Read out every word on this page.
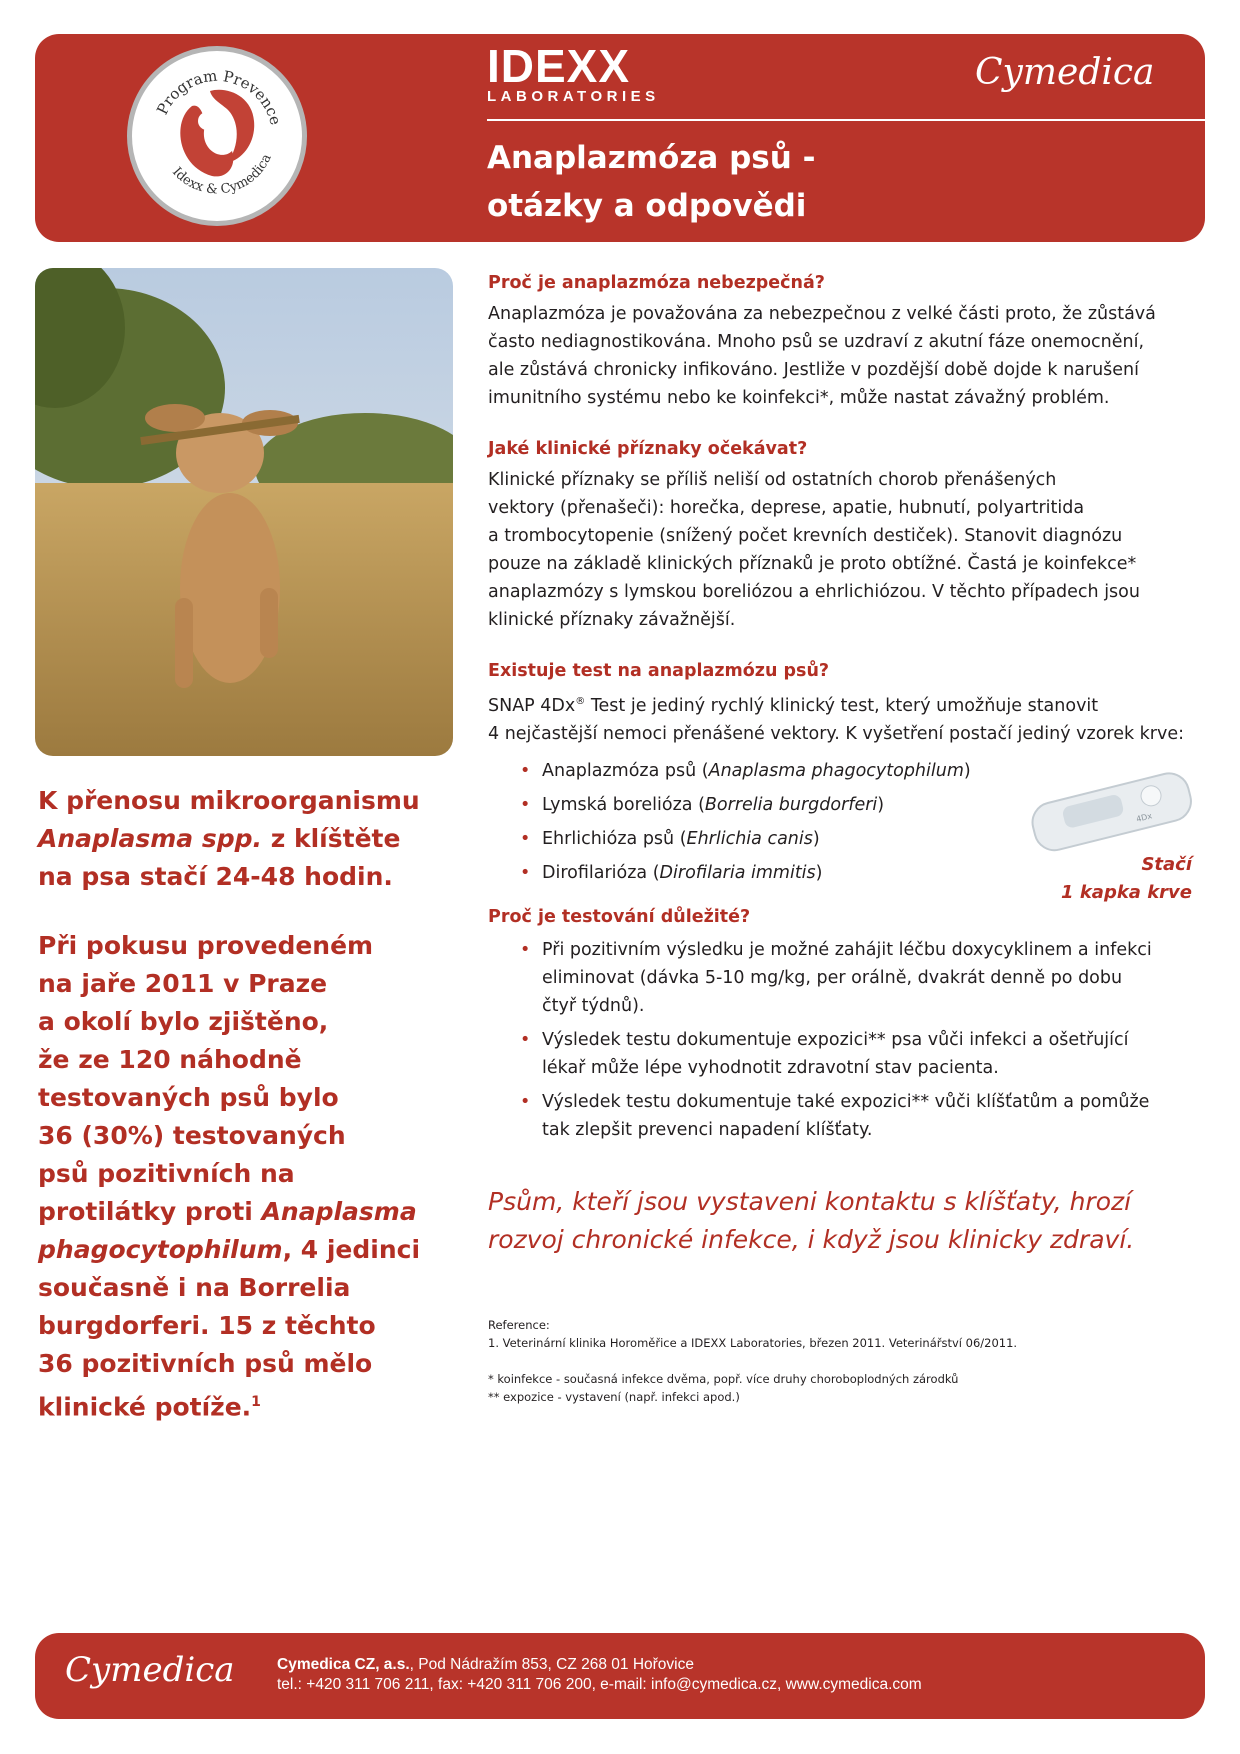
Program Prevence
Idexx & Cymedica
IDEXX
LABORATORIES
Cymedica
Anaplazmóza psů -
otázky a odpovědi

K přenosu mikroorganismu
Anaplasma spp. z klíštěte
na psa stačí 24-48 hodin.

Při pokusu provedeném
na jaře 2011 v Praze
a okolí bylo zjištěno,
že ze 120 náhodně
testovaných psů bylo
36 (30%) testovaných
psů pozitivních na
protilátky proti Anaplasma
phagocytophilum, 4 jedinci
současně i na Borrelia
burgdorferi. 15 z těchto
36 pozitivních psů mělo
klinické potíže.$^1$

Proč je anaplazmóza nebezpečná?

Anaplazmóza je považována za nebezpečnou z velké části proto, že zůstává
často nediagnostikována. Mnoho psů se uzdraví z akutní fáze onemocnění,
ale zůstává chronicky infikováno. Jestliže v pozdější době dojde k narušení
imunitního systému nebo ke koinfekci*, může nastat závažný problém.

Jaké klinické příznaky očekávat?

Klinické příznaky se příliš neliší od ostatních chorob přenášených
vektory (přenašeči): horečka, deprese, apatie, hubnutí, polyartritida
a trombocytopenie (snížený počet krevních destiček). Stanovit diagnózu
pouze na základě klinických příznaků je proto obtížné. Častá je koinfekce*
anaplazmózy s lymskou boreliózou a ehrlichiózou. V těchto případech jsou
klinické příznaky závažnější.

Existuje test na anaplazmózu psů?

SNAP 4Dx® Test je jediný rychlý klinický test, který umožňuje stanovit
4 nejčastější nemoci přenášené vektory. K vyšetření postačí jediný vzorek krve:

• Anaplazmóza psů (Anaplasma phagocytophilum)
• Lymská borelióza (Borrelia burgdorferi)
• Ehrlichióza psů (Ehrlichia canis)
• Dirofilarióza (Dirofilaria immitis)
Proč je testování důležité?
• Při pozitivním výsledku je možné zahájit léčbu doxycyklinem a infekci
eliminovat (dávka 5-10 mg/kg, per orálně, dvakrát denně po dobu
čtyř týdnů).
• Výsledek testu dokumentuje expozici** psa vůči infekci a ošetřující
lékař může lépe vyhodnotit zdravotní stav pacienta.
• Výsledek testu dokumentuje také expozici** vůči klíšťatům a pomůže
tak zlepšit prevenci napadení klíšťaty.
4Dx
Stačí
1 kapka krve
Psům, kteří jsou vystaveni kontaktu s klíšťaty, hrozí
rozvoj chronické infekce, i když jsou klinicky zdraví.

Reference:

1. Veterinární klinika Horoměřice a IDEXX Laboratories, březen 2011. Veterinářství 06/2011.

* koinfekce - současná infekce dvěma, popř. více druhy choroboplodných zárodků

** expozice - vystavení (např. infekci apod.)

Cymedica	Cymedica CZ, a.s., Pod Nádražím 853, CZ 268 01 Hořovice
tel.: +420 311 706 211, fax: +420 311 706 200, e-mail: info@cymedica.cz, www.cymedica.com
